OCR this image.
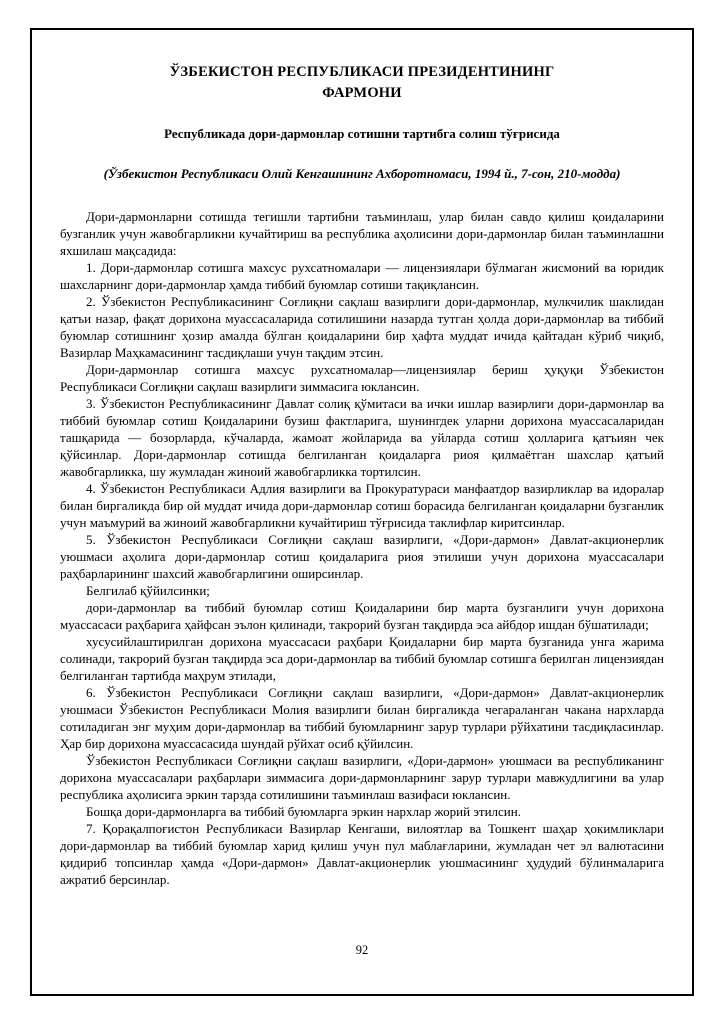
ЎЗБЕКИСТОН РЕСПУБЛИКАСИ ПРЕЗИДЕНТИНИНГ
ФАРМОНИ
Республикада дори-дармонлар сотишни тартибга солиш тўғрисида
(Ўзбекистон Республикаси Олий Кенгашининг Ахборотномаси, 1994 й., 7-сон, 210-модда)

Дори-дармонларни сотишда тегишли тартибни таъминлаш, улар билан савдо қилиш қоидаларини бузганлик учун жавобгарликни кучайтириш ва республика аҳолисини дори-дармонлар билан таъминлашни яхшилаш мақсадида:

1. Дори-дармонлар сотишга махсус рухсатномалари — лицензиялари бўлмаган жисмоний ва юридик шахсларнинг дори-дармонлар ҳамда тиббий буюмлар сотиши тақиқлансин.

2. Ўзбекистон Республикасининг Соғлиқни сақлаш вазирлиги дори-дармонлар, мулкчилик шаклидан қатъи назар, фақат дорихона муассасаларида сотилишини назарда тутган ҳолда дори-дармонлар ва тиббий буюмлар сотишнинг ҳозир амалда бўлган қоидаларини бир ҳафта муддат ичида қайтадан кўриб чиқиб, Вазирлар Маҳкамасининг тасдиқлаши учун тақдим этсин.

Дори-дармонлар сотишга махсус рухсатномалар—лицензиялар бериш ҳуқуқи Ўзбекистон Республикаси Соғлиқни сақлаш вазирлиги зиммасига юклансин.

3. Ўзбекистон Республикасининг Давлат солиқ қўмитаси ва ички ишлар вазирлиги дори-дармонлар ва тиббий буюмлар сотиш Қоидаларини бузиш фактларига, шунингдек уларни дорихона муассасаларидан ташқарида — бозорларда, кўчаларда, жамоат жойларида ва уйларда сотиш ҳолларига қатъиян чек қўйсинлар. Дори-дармонлар сотишда белгиланган қоидаларга риоя қилмаётган шахслар қатъий жавобгарликка, шу жумладан жиноий жавобгарликка тортилсин.

4. Ўзбекистон Республикаси Адлия вазирлиги ва Прокуратураси манфаатдор вазирликлар ва идоралар билан биргаликда бир ой муддат ичида дори-дармонлар сотиш борасида белгиланган қоидаларни бузганлик учун маъмурий ва жиноий жавобгарликни кучайтириш тўғрисида таклифлар киритсинлар.

5. Ўзбекистон Республикаси Соғлиқни сақлаш вазирлиги, «Дори-дармон» Давлат-акционерлик уюшмаси аҳолига дори-дармонлар сотиш қоидаларига риоя этилиши учун дорихона муассасалари раҳбарларининг шахсий жавобгарлигини оширсинлар.

Белгилаб қўйилсинки;

дори-дармонлар ва тиббий буюмлар сотиш Қоидаларини бир марта бузганлиги учун дорихона муассасаси раҳбарига ҳайфсан эълон қилинади, такрорий бузган тақдирда эса айбдор ишдан бўшатилади;

хусусийлаштирилган дорихона муассасаси раҳбари Қоидаларни бир марта бузганида унга жарима солинади, такрорий бузган тақдирда эса дори-дармонлар ва тиббий буюмлар сотишга берилган лицензиядан белгиланган тартибда маҳрум этилади,

6. Ўзбекистон Республикаси Соғлиқни сақлаш вазирлиги, «Дори-дармон» Давлат-акционерлик уюшмаси Ўзбекистон Республикаси Молия вазирлиги билан биргаликда чегараланган чакана нархларда сотиладиган энг муҳим дори-дармонлар ва тиббий буюмларнинг зарур турлари рўйхатини тасдиқласинлар. Ҳар бир дорихона муассасасида шундай рўйхат осиб қўйилсин.

Ўзбекистон Республикаси Соғлиқни сақлаш вазирлиги, «Дори-дармон» уюшмаси ва республиканинг дорихона муассасалари раҳбарлари зиммасига дори-дармонларнинг зарур турлари мавжудлигини ва улар республика аҳолисига эркин тарзда сотилишини таъминлаш вазифаси юклансин.

Бошқа дори-дармонларга ва тиббий буюмларга эркин нархлар жорий этилсин.

7. Қорақалпоғистон Республикаси Вазирлар Кенгаши, вилоятлар ва Тошкент шаҳар ҳокимликлари дори-дармонлар ва тиббий буюмлар харид қилиш учун пул маблағларини, жумладан чет эл валютасини қидириб топсинлар ҳамда «Дори-дармон» Давлат-акционерлик уюшмасининг ҳудудий бўлинмаларига ажратиб берсинлар.

92
